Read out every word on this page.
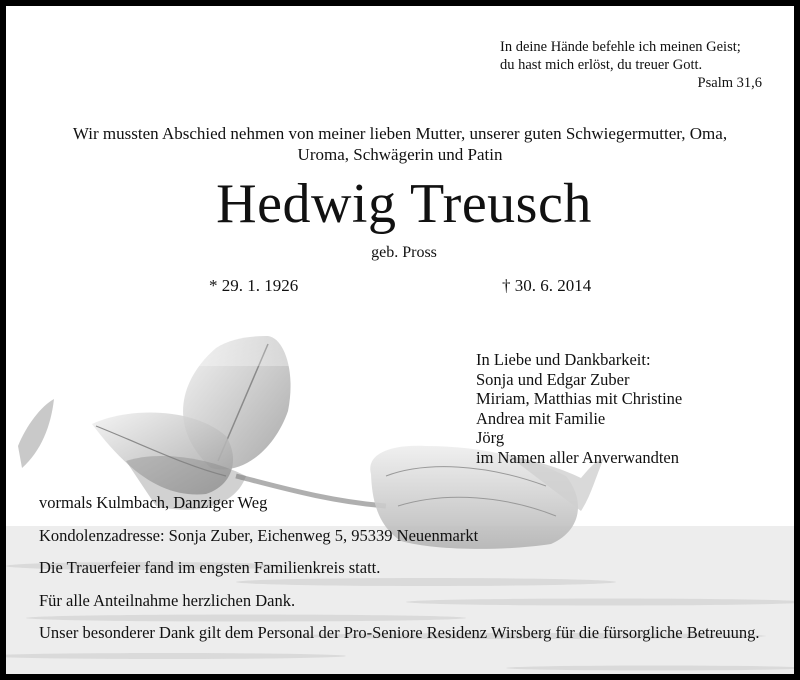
In deine Hände befehle ich meinen Geist;
du hast mich erlöst, du treuer Gott.
Psalm 31,6
Wir mussten Abschied nehmen von meiner lieben Mutter, unserer guten Schwiegermutter, Oma,
Uroma, Schwägerin und Patin
Hedwig Treusch
geb. Pross
* 29. 1. 1926	† 30. 6. 2014
In Liebe und Dankbarkeit:
Sonja und Edgar Zuber
Miriam, Matthias mit Christine
Andrea mit Familie
Jörg
im Namen aller Anverwandten

vormals Kulmbach, Danziger Weg

Kondolenzadresse: Sonja Zuber, Eichenweg 5, 95339 Neuenmarkt

Die Trauerfeier fand im engsten Familienkreis statt.

Für alle Anteilnahme herzlichen Dank.

Unser besonderer Dank gilt dem Personal der Pro-Seniore Residenz Wirsberg für die fürsorgliche Betreuung.
